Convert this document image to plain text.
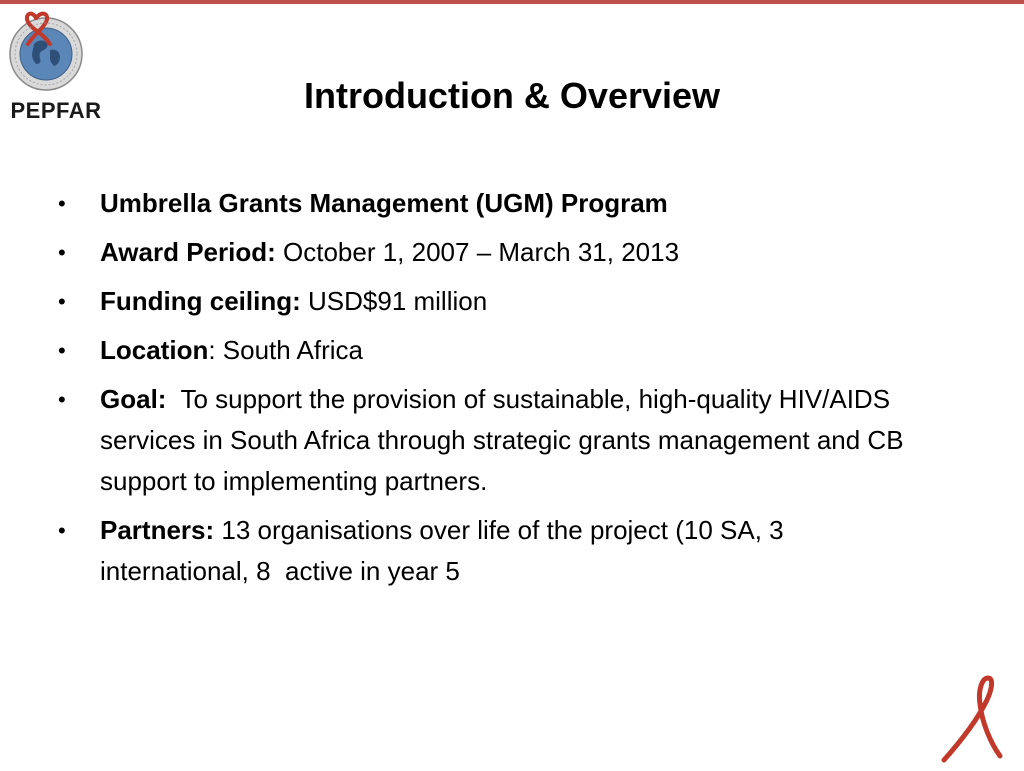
PEPFAR	Introduction & Overview
•	Umbrella Grants Management (UGM) Program
•	Award Period: October 1, 2007 – March 31, 2013
•	Funding ceiling: USD$91 million
•	Location: South Africa
•	Goal: To support the provision of sustainable, high-quality HIV/AIDS services in South Africa through strategic grants management and CB support to implementing partners.
•	Partners: 13 organisations over life of the project (10 SA, 3 international, 8  active in year 5
